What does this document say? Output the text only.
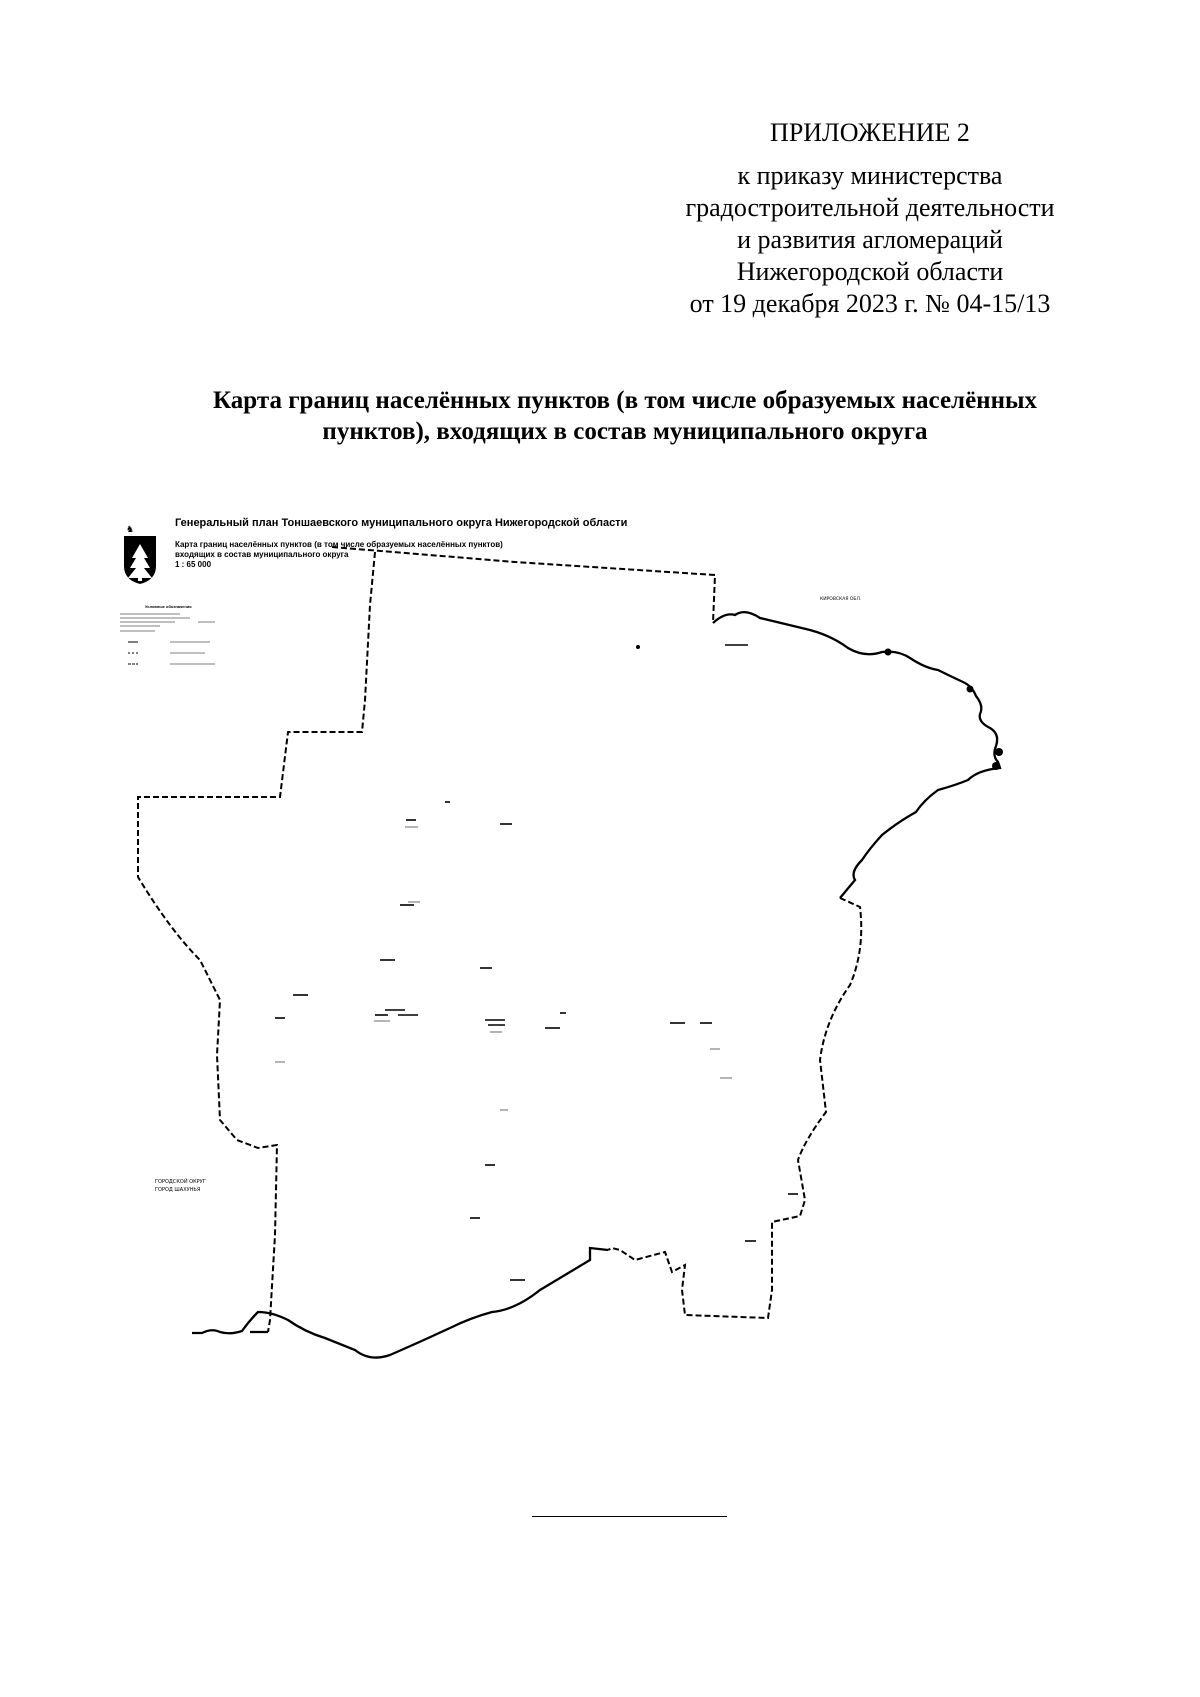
ПРИЛОЖЕНИЕ 2
к приказу министерства
градостроительной деятельности
и развития агломераций
Нижегородской области
от 19 декабря 2023 г. № 04-15/13
Карта границ населённых пунктов (в том числе образуемых населённых
пунктов), входящих в состав муниципального округа
Генеральный план Тоншаевского муниципального округа Нижегородской области
Карта границ населённых пунктов (в том числе образуемых населённых пунктов)
входящих в состав муниципального округа
1 : 65 000
♞
Условные обозначения
КИРОВСКАЯ ОБЛ.
ГОРОДСКОЙ ОКРУГ
ГОРОД ШАХУНЬЯ
